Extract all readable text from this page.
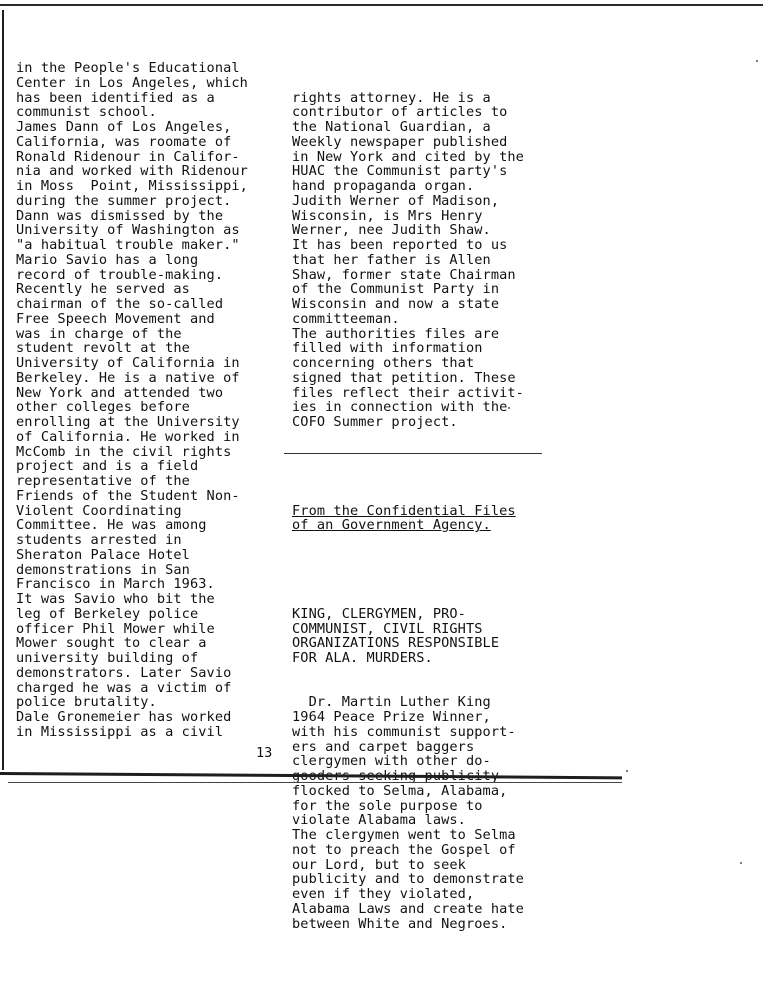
in the People's Educational
Center in Los Angeles, which
has been identified as a
communist school.
James Dann of Los Angeles,
California, was roomate of
Ronald Ridenour in Califor-
nia and worked with Ridenour
in Moss  Point, Mississippi,
during the summer project.
Dann was dismissed by the
University of Washington as
"a habitual trouble maker."
Mario Savio has a long
record of trouble-making.
Recently he served as
chairman of the so-called
Free Speech Movement and
was in charge of the
student revolt at the
University of California in
Berkeley. He is a native of
New York and attended two
other colleges before
enrolling at the University
of California. He worked in
McComb in the civil rights
project and is a field
representative of the
Friends of the Student Non-
Violent Coordinating
Committee. He was among
students arrested in
Sheraton Palace Hotel
demonstrations in San
Francisco in March 1963.
It was Savio who bit the
leg of Berkeley police
officer Phil Mower while
Mower sought to clear a
university building of
demonstrators. Later Savio
charged he was a victim of
police brutality.
Dale Gronemeier has worked
in Mississippi as a civil

rights attorney. He is a
contributor of articles to
the National Guardian, a
Weekly newspaper published
in New York and cited by the
HUAC the Communist party's
hand propaganda organ.
Judith Werner of Madison,
Wisconsin, is Mrs Henry
Werner, nee Judith Shaw.
It has been reported to us
that her father is Allen
Shaw, former state Chairman
of the Communist Party in
Wisconsin and now a state
committeeman.
The authorities files are
filled with information
concerning others that
signed that petition. These
files reflect their activit-
ies in connection with the
COFO Summer project.

From the Confidential Files
of an Government Agency.

KING, CLERGYMEN, PRO-
COMMUNIST, CIVIL RIGHTS
ORGANIZATIONS RESPONSIBLE
FOR ALA. MURDERS.

Dr. Martin Luther King
1964 Peace Prize Winner,
with his communist support-
ers and carpet baggers
clergymen with other do-
flocked to Selma, Alabama,
for the sole purpose to
violate Alabama laws.
The clergymen went to Selma
not to preach the Gospel of
our Lord, but to seek
publicity and to demonstrate
even if they violated,
Alabama Laws and create hate
between White and Negroes.

13
